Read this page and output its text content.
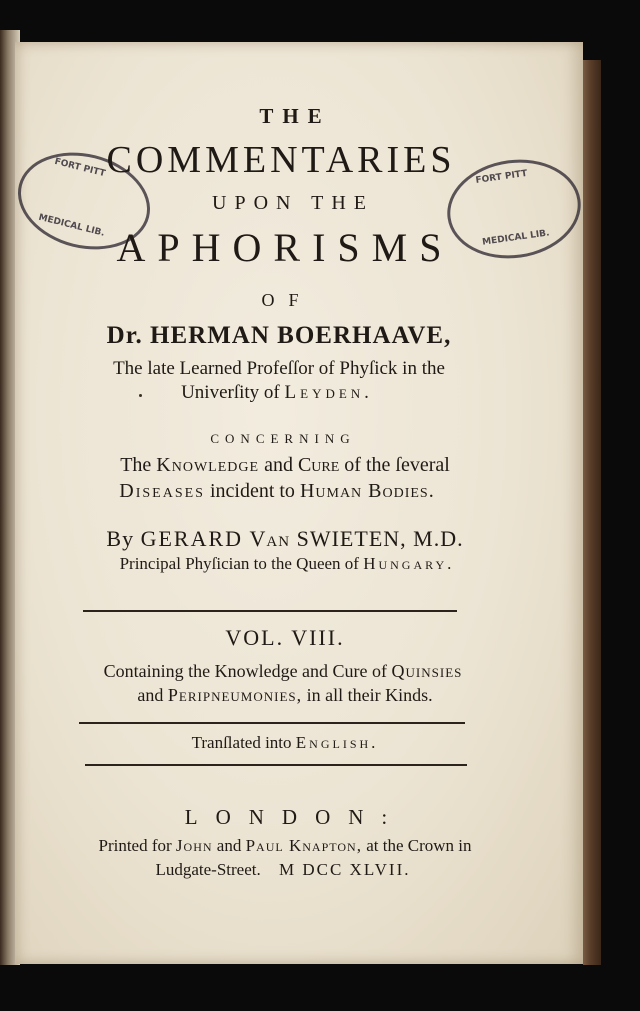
FORT PITT
MEDICAL LIB.
FORT PITT
MEDICAL LIB.
THE
COMMENTARIES
UPON THE
APHORISMS
OF
Dr. HERMAN BOERHAAVE,
The late Learned Profeſſor of Phyſick in the
Univerſity of Leyden.
CONCERNING
The Knowledge and Cure of the ſeveral
Diseases incident to Human Bodies.
By GERARD Van SWIETEN, M.D.
Principal Phyſician to the Queen of Hungary.
VOL. VIII.
Containing the Knowledge and Cure of Quinsies
and Peripneumonies, in all their Kinds.
Tranſlated into English.
LONDON:
Printed for John and Paul Knapton, at the Crown in
Ludgate-Street. M DCC XLVII.
